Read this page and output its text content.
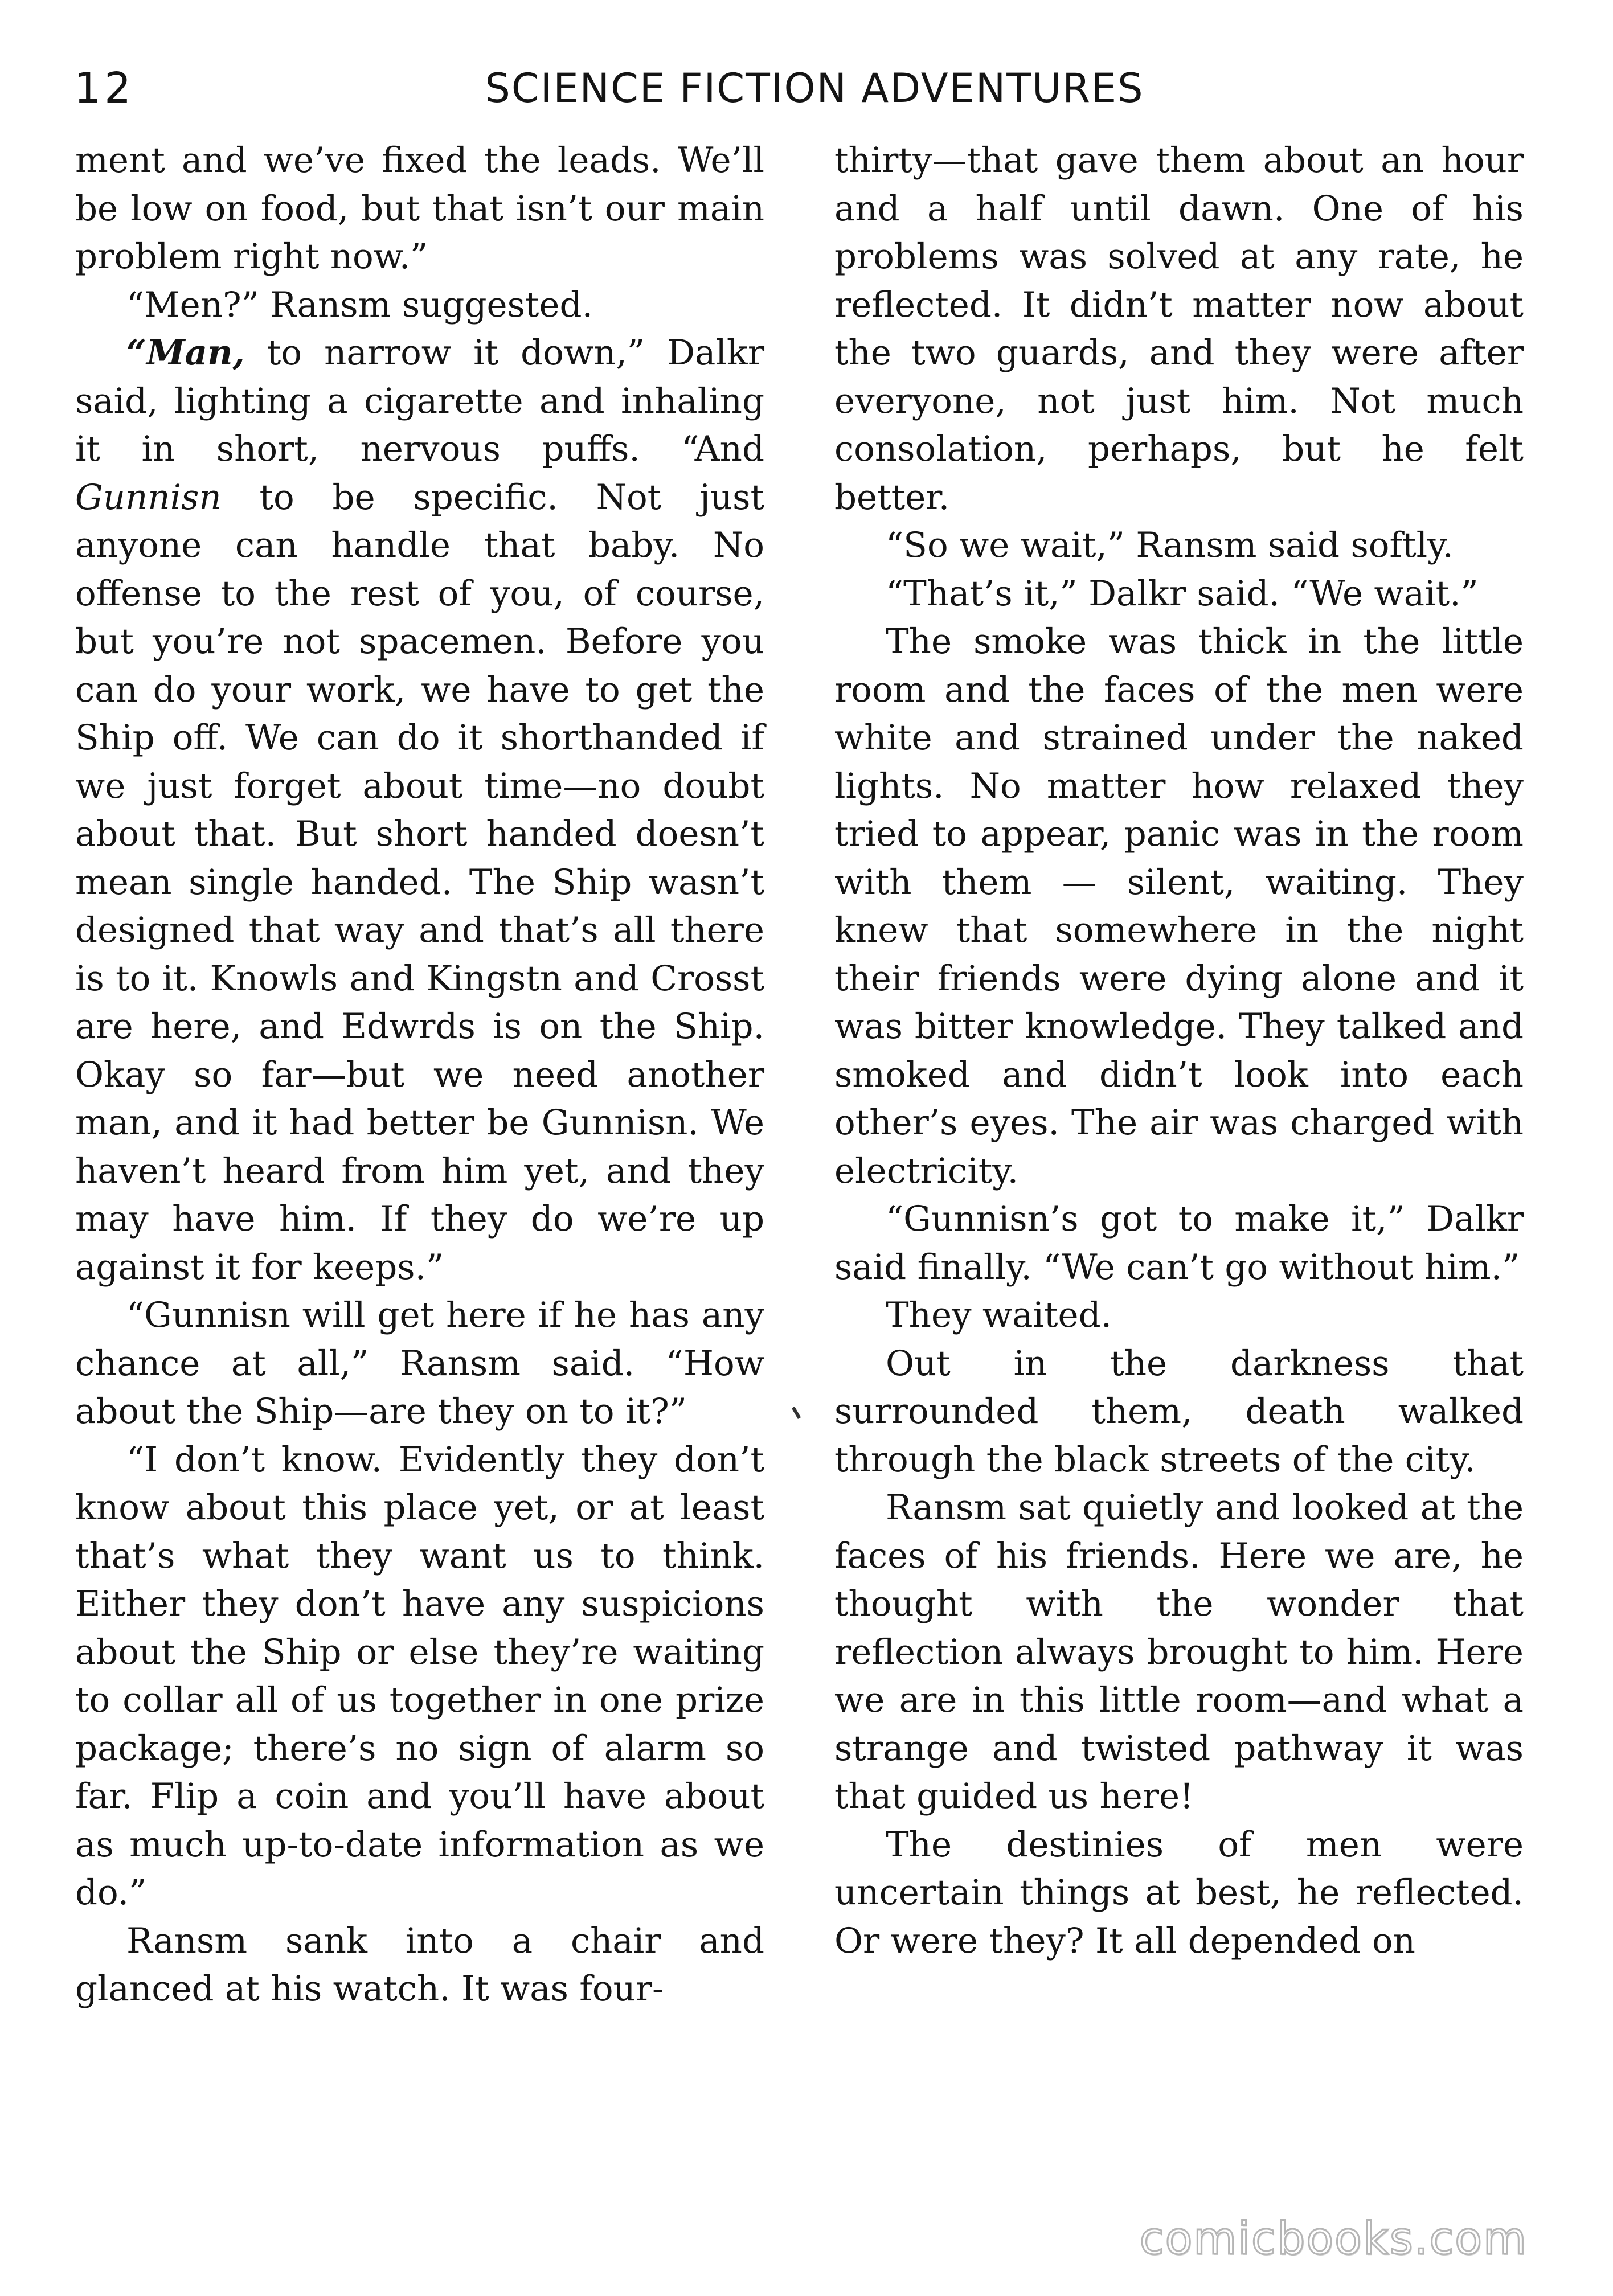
12	SCIENCE FICTION ADVENTURES

ment and we’ve fixed the leads. We’ll be low on food, but that isn’t our main problem right now.”

“Men?” Ransm suggested.

“Man, to narrow it down,” Dalkr said, lighting a cigarette and inhaling it in short, nervous puffs. “And Gunnisn to be specific. Not just anyone can handle that baby. No offense to the rest of you, of course, but you’re not spacemen. Before you can do your work, we have to get the Ship off. We can do it shorthanded if we just forget about time—no doubt about that. But short handed doesn’t mean single handed. The Ship wasn’t designed that way and that’s all there is to it. Knowls and Kingstn and Crosst are here, and Edwrds is on the Ship. Okay so far—but we need another man, and it had better be Gunnisn. We haven’t heard from him yet, and they may have him. If they do we’re up against it for keeps.”

“Gunnisn will get here if he has any chance at all,” Ransm said. “How about the Ship—are they on to it?”

“I don’t know. Evidently they don’t know about this place yet, or at least that’s what they want us to think. Either they don’t have any suspicions about the Ship or else they’re waiting to collar all of us together in one prize package; there’s no sign of alarm so far. Flip a coin and you’ll have about as much up-to-date information as we do.”

Ransm sank into a chair and glanced at his watch. It was four-

thirty—that gave them about an hour and a half until dawn. One of his problems was solved at any rate, he reflected. It didn’t matter now about the two guards, and they were after everyone, not just him. Not much consolation, perhaps, but he felt better.

“So we wait,” Ransm said softly.

“That’s it,” Dalkr said. “We wait.”

The smoke was thick in the little room and the faces of the men were white and strained under the naked lights. No matter how relaxed they tried to appear, panic was in the room with them — silent, waiting. They knew that somewhere in the night their friends were dying alone and it was bitter knowledge. They talked and smoked and didn’t look into each other’s eyes. The air was charged with electricity.

“Gunnisn’s got to make it,” Dalkr said finally. “We can’t go without him.”

They waited.

Out in the darkness that surrounded them, death walked through the black streets of the city.

Ransm sat quietly and looked at the faces of his friends. Here we are, he thought with the wonder that reflection always brought to him. Here we are in this little room—and what a strange and twisted pathway it was that guided us here!

The destinies of men were uncertain things at best, he reflected. Or were they? It all depended on

comicbooks.com
